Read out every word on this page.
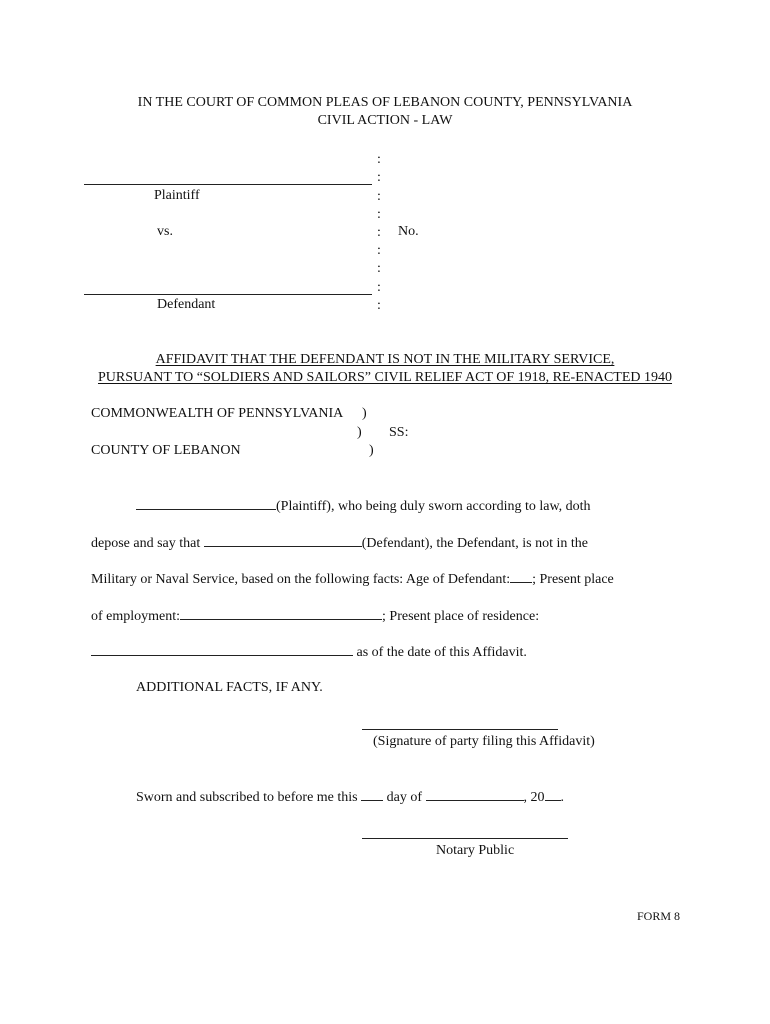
IN THE COURT OF COMMON PLEAS OF LEBANON COUNTY, PENNSYLVANIA
CIVIL ACTION - LAW
:
:
:
:
:
:
:
:
:
Plaintiff
vs.	No.
Defendant
AFFIDAVIT THAT THE DEFENDANT IS NOT IN THE MILITARY SERVICE,
PURSUANT TO “SOLDIERS AND SAILORS” CIVIL RELIEF ACT OF 1918, RE-ENACTED 1940
COMMONWEALTH OF PENNSYLVANIA )
) SS:
COUNTY OF LEBANON	)
(Plaintiff), who being duly sworn according to law, doth
depose and say that	(Defendant), the Defendant, is not in the
Military or Naval Service, based on the following facts: Age of Defendant: ; Present place
of employment:	; Present place of residence:
as of the date of this Affidavit.
ADDITIONAL FACTS, IF ANY.
(Signature of party filing this Affidavit)
Sworn and subscribed to before me this  day of	, 20 .
Notary Public
FORM 8
